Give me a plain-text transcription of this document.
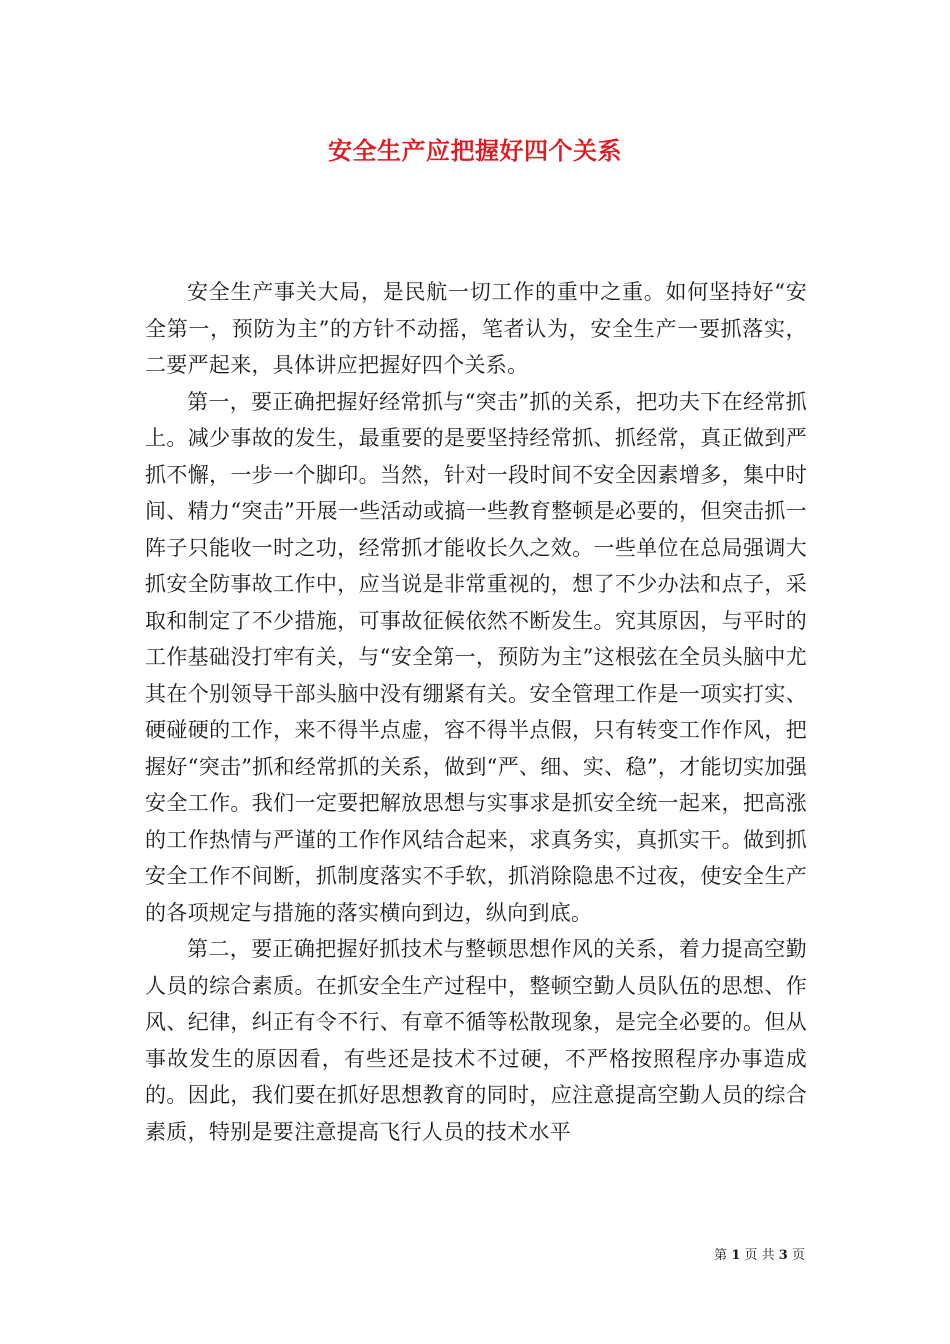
安全生产应把握好四个关系

安全生产事关大局，是民航一切工作的重中之重。如何坚持好“安全第一，预防为主”的方针不动摇，笔者认为，安全生产一要抓落实，二要严起来，具体讲应把握好四个关系。

第一，要正确把握好经常抓与“突击”抓的关系，把功夫下在经常抓上。减少事故的发生，最重要的是要坚持经常抓、抓经常，真正做到严抓不懈，一步一个脚印。当然，针对一段时间不安全因素增多，集中时间、精力“突击”开展一些活动或搞一些教育整顿是必要的，但突击抓一阵子只能收一时之功，经常抓才能收长久之效。一些单位在总局强调大抓安全防事故工作中，应当说是非常重视的，想了不少办法和点子，采取和制定了不少措施，可事故征候依然不断发生。究其原因，与平时的工作基础没打牢有关，与“安全第一，预防为主”这根弦在全员头脑中尤其在个别领导干部头脑中没有绷紧有关。安全管理工作是一项实打实、硬碰硬的工作，来不得半点虚，容不得半点假，只有转变工作作风，把握好“突击”抓和经常抓的关系，做到“严、细、实、稳”，才能切实加强安全工作。我们一定要把解放思想与实事求是抓安全统一起来，把高涨的工作热情与严谨的工作作风结合起来，求真务实，真抓实干。做到抓安全工作不间断，抓制度落实不手软，抓消除隐患不过夜，使安全生产的各项规定与措施的落实横向到边，纵向到底。

第二，要正确把握好抓技术与整顿思想作风的关系，着力提高空勤人员的综合素质。在抓安全生产过程中，整顿空勤人员队伍的思想、作风、纪律，纠正有令不行、有章不循等松散现象，是完全必要的。但从事故发生的原因看，有些还是技术不过硬，不严格按照程序办事造成的。因此，我们要在抓好思想教育的同时，应注意提高空勤人员的综合素质，特别是要注意提高飞行人员的技术水平

第 1 页 共 3 页
